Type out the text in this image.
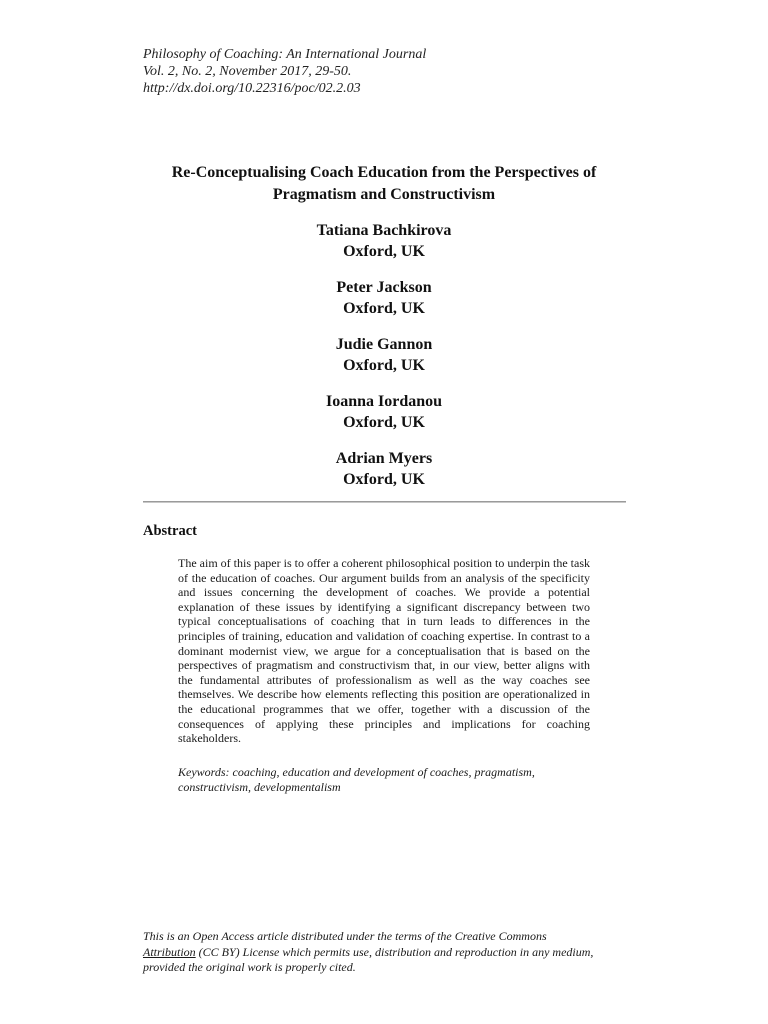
Philosophy of Coaching: An International Journal
Vol. 2, No. 2, November 2017, 29-50.
http://dx.doi.org/10.22316/poc/02.2.03
Re-Conceptualising Coach Education from the Perspectives of
Pragmatism and Constructivism
Tatiana Bachkirova
Oxford, UK
Peter Jackson
Oxford, UK
Judie Gannon
Oxford, UK
Ioanna Iordanou
Oxford, UK
Adrian Myers
Oxford, UK
Abstract

The aim of this paper is to offer a coherent philosophical position to underpin the task of the education of coaches. Our argument builds from an analysis of the specificity and issues concerning the development of coaches. We provide a potential explanation of these issues by identifying a significant discrepancy between two typical conceptualisations of coaching that in turn leads to differences in the principles of training, education and validation of coaching expertise. In contrast to a dominant modernist view, we argue for a conceptualisation that is based on the perspectives of pragmatism and constructivism that, in our view, better aligns with the fundamental attributes of professionalism as well as the way coaches see themselves. We describe how elements reflecting this position are operationalized in the educational programmes that we offer, together with a discussion of the consequences of applying these principles and implications for coaching stakeholders.

Keywords: coaching, education and development of coaches, pragmatism,
constructivism, developmentalism

This is an Open Access article distributed under the terms of the Creative Commons
Attribution (CC BY) License which permits use, distribution and reproduction in any medium,
provided the original work is properly cited.
